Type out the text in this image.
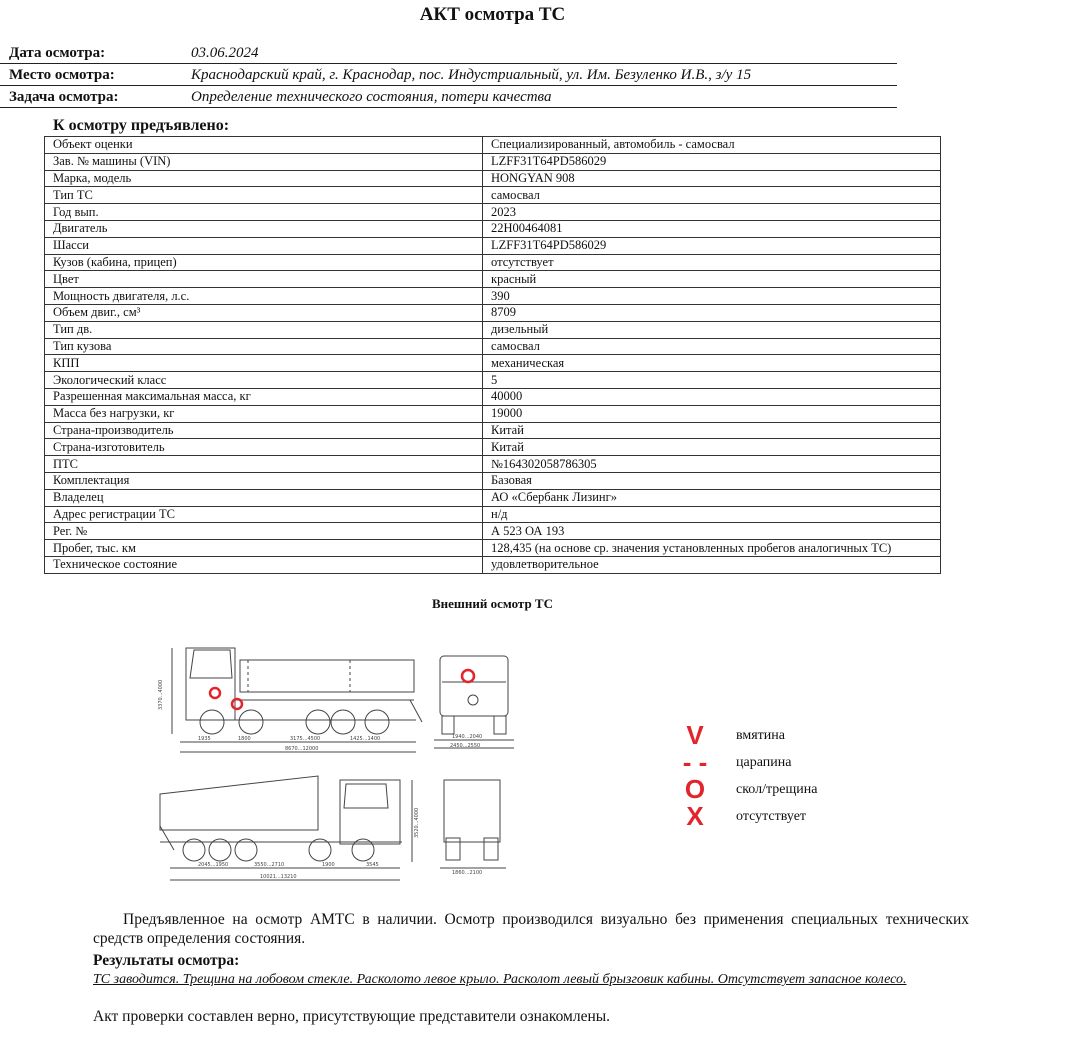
АКТ осмотра ТС
Дата осмотра:	03.06.2024
Место осмотра:	Краснодарский край, г. Краснодар, пос. Индустриальный, ул. Им. Безуленко И.В., з/у 15
Задача осмотра:	Определение технического состояния, потери качества
К осмотру предъявлено:
Объект оценки	Специализированный, автомобиль - самосвал
Зав. № машины (VIN)	LZFF31T64PD586029
Марка, модель	HONGYAN 908
Тип ТС	самосвал
Год вып.	2023
Двигатель	22Н00464081
Шасси	LZFF31T64PD586029
Кузов (кабина, прицеп)	отсутствует
Цвет	красный
Мощность двигателя, л.с.	390
Объем двиг., см³	8709
Тип дв.	дизельный
Тип кузова	самосвал
КПП	механическая
Экологический класс	5
Разрешенная максимальная масса, кг	40000
Масса без нагрузки, кг	19000
Страна-производитель	Китай
Страна-изготовитель	Китай
ПТС	№164302058786305
Комплектация	Базовая
Владелец	АО «Сбербанк Лизинг»
Адрес регистрации ТС	н/д
Рег. №	А 523 ОА 193
Пробег, тыс. км	128,435 (на основе ср. значения установленных пробегов аналогичных ТС)
Техническое состояние	удовлетворительное
Внешний осмотр ТС
3370...4000
1935	1800	3175...4500	1425...1400
8670...12000
1940...2040
2450...2550
3520...4000
2045...1950	3550...2710	1900	3545
10021...13210
1860...2100
V	вмятина
- -	царапина
O	скол/трещина
X	отсутствует
Предъявленное на осмотр АМТС в наличии. Осмотр производился визуально без применения специальных технических средств определения состояния.
Результаты осмотра:
ТС заводится. Трещина на лобовом стекле. Расколото левое крыло. Расколот левый брызговик кабины. Отсутствует запасное колесо.
Акт проверки составлен верно, присутствующие представители ознакомлены.
